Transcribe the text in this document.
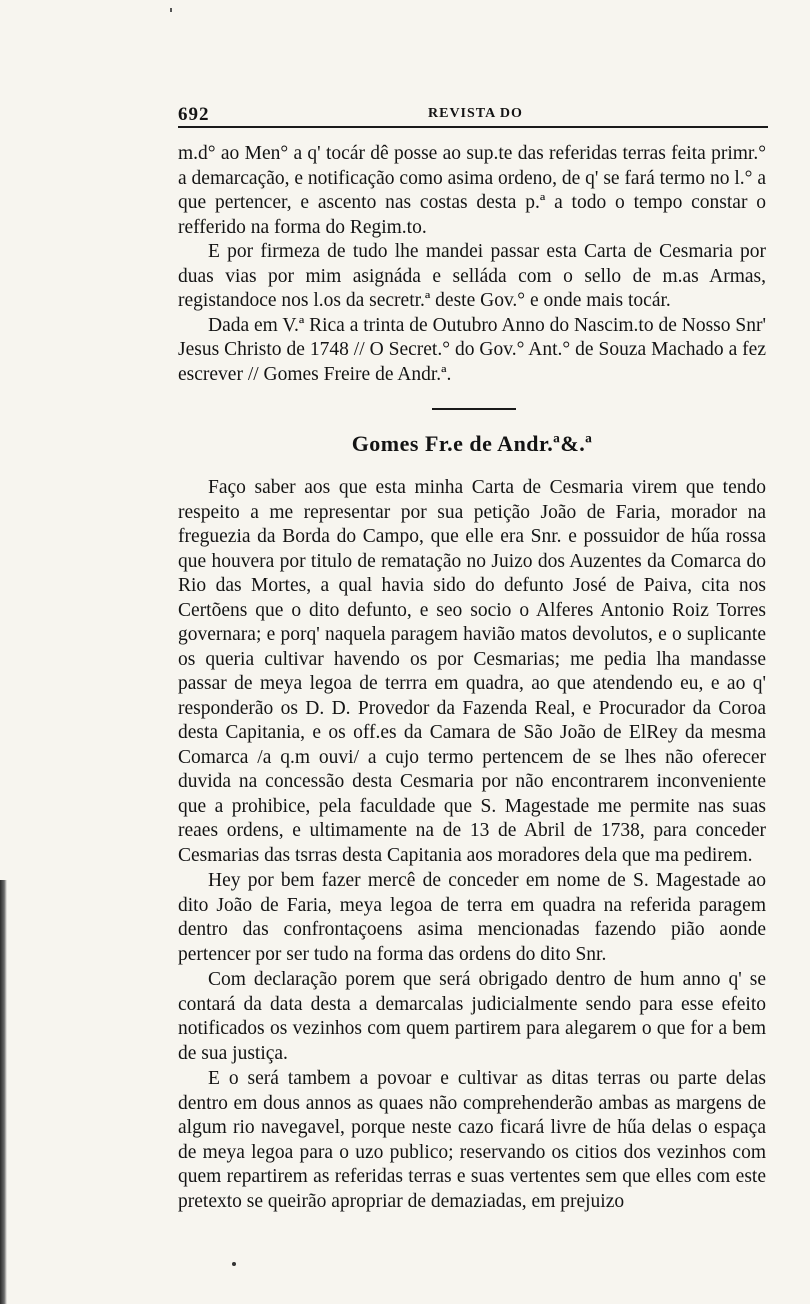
692	REVISTA DO

m.d° ao Men° a q' tocár dê posse ao sup.te das referidas terras feita primr.° a demarcação, e notificação como asima ordeno, de q' se fará termo no l.° a que pertencer, e ascento nas costas desta p.ª a todo o tempo constar o refferido na forma do Regim.to.

E por firmeza de tudo lhe mandei passar esta Carta de Cesmaria por duas vias por mim asignáda e selláda com o sello de m.as Armas, registandoce nos l.os da secretr.ª deste Gov.° e onde mais tocár.

Dada em V.ª Rica a trinta de Outubro Anno do Nascim.to de Nosso Snr' Jesus Christo de 1748 // O Secret.° do Gov.° Ant.° de Souza Machado a fez escrever // Gomes Freire de Andr.ª.

Gomes Fr.e de Andr.ª&.ª

Faço saber aos que esta minha Carta de Cesmaria virem que tendo respeito a me representar por sua petição João de Faria, morador na freguezia da Borda do Campo, que elle era Snr. e possuidor de hűa rossa que houvera por titulo de rematação no Juizo dos Auzentes da Comarca do Rio das Mortes, a qual havia sido do defunto José de Paiva, cita nos Certõens que o dito defunto, e seo socio o Alferes Antonio Roiz Torres governara; e porq' naquela paragem havião matos devolutos, e o suplicante os queria cultivar havendo os por Cesmarias; me pedia lha mandasse passar de meya legoa de terrra em quadra, ao que atendendo eu, e ao q' responderão os D. D. Provedor da Fazenda Real, e Procurador da Coroa desta Capitania, e os off.es da Camara de São João de ElRey da mesma Comarca /a q.m ouvi/ a cujo termo pertencem de se lhes não oferecer duvida na concessão desta Cesmaria por não encontrarem inconveniente que a prohibice, pela faculdade que S. Magestade me permite nas suas reaes ordens, e ultimamente na de 13 de Abril de 1738, para conceder Cesmarias das tsrras desta Capitania aos moradores dela que ma pedirem.

Hey por bem fazer mercê de conceder em nome de S. Magestade ao dito João de Faria, meya legoa de terra em quadra na referida paragem dentro das confrontaçoens asima mencionadas fazendo pião aonde pertencer por ser tudo na forma das ordens do dito Snr.

Com declaração porem que será obrigado dentro de hum anno q' se contará da data desta a demarcalas judicialmente sendo para esse efeito notificados os vezinhos com quem partirem para alegarem o que for a bem de sua justiça.

E o será tambem a povoar e cultivar as ditas terras ou parte delas dentro em dous annos as quaes não comprehenderão ambas as margens de algum rio navegavel, porque neste cazo ficará livre de hűa delas o espaça de meya legoa para o uzo publico; reservando os citios dos vezinhos com quem repartirem as referidas terras e suas vertentes sem que elles com este pretexto se queirão apropriar de demaziadas, em prejuizo
